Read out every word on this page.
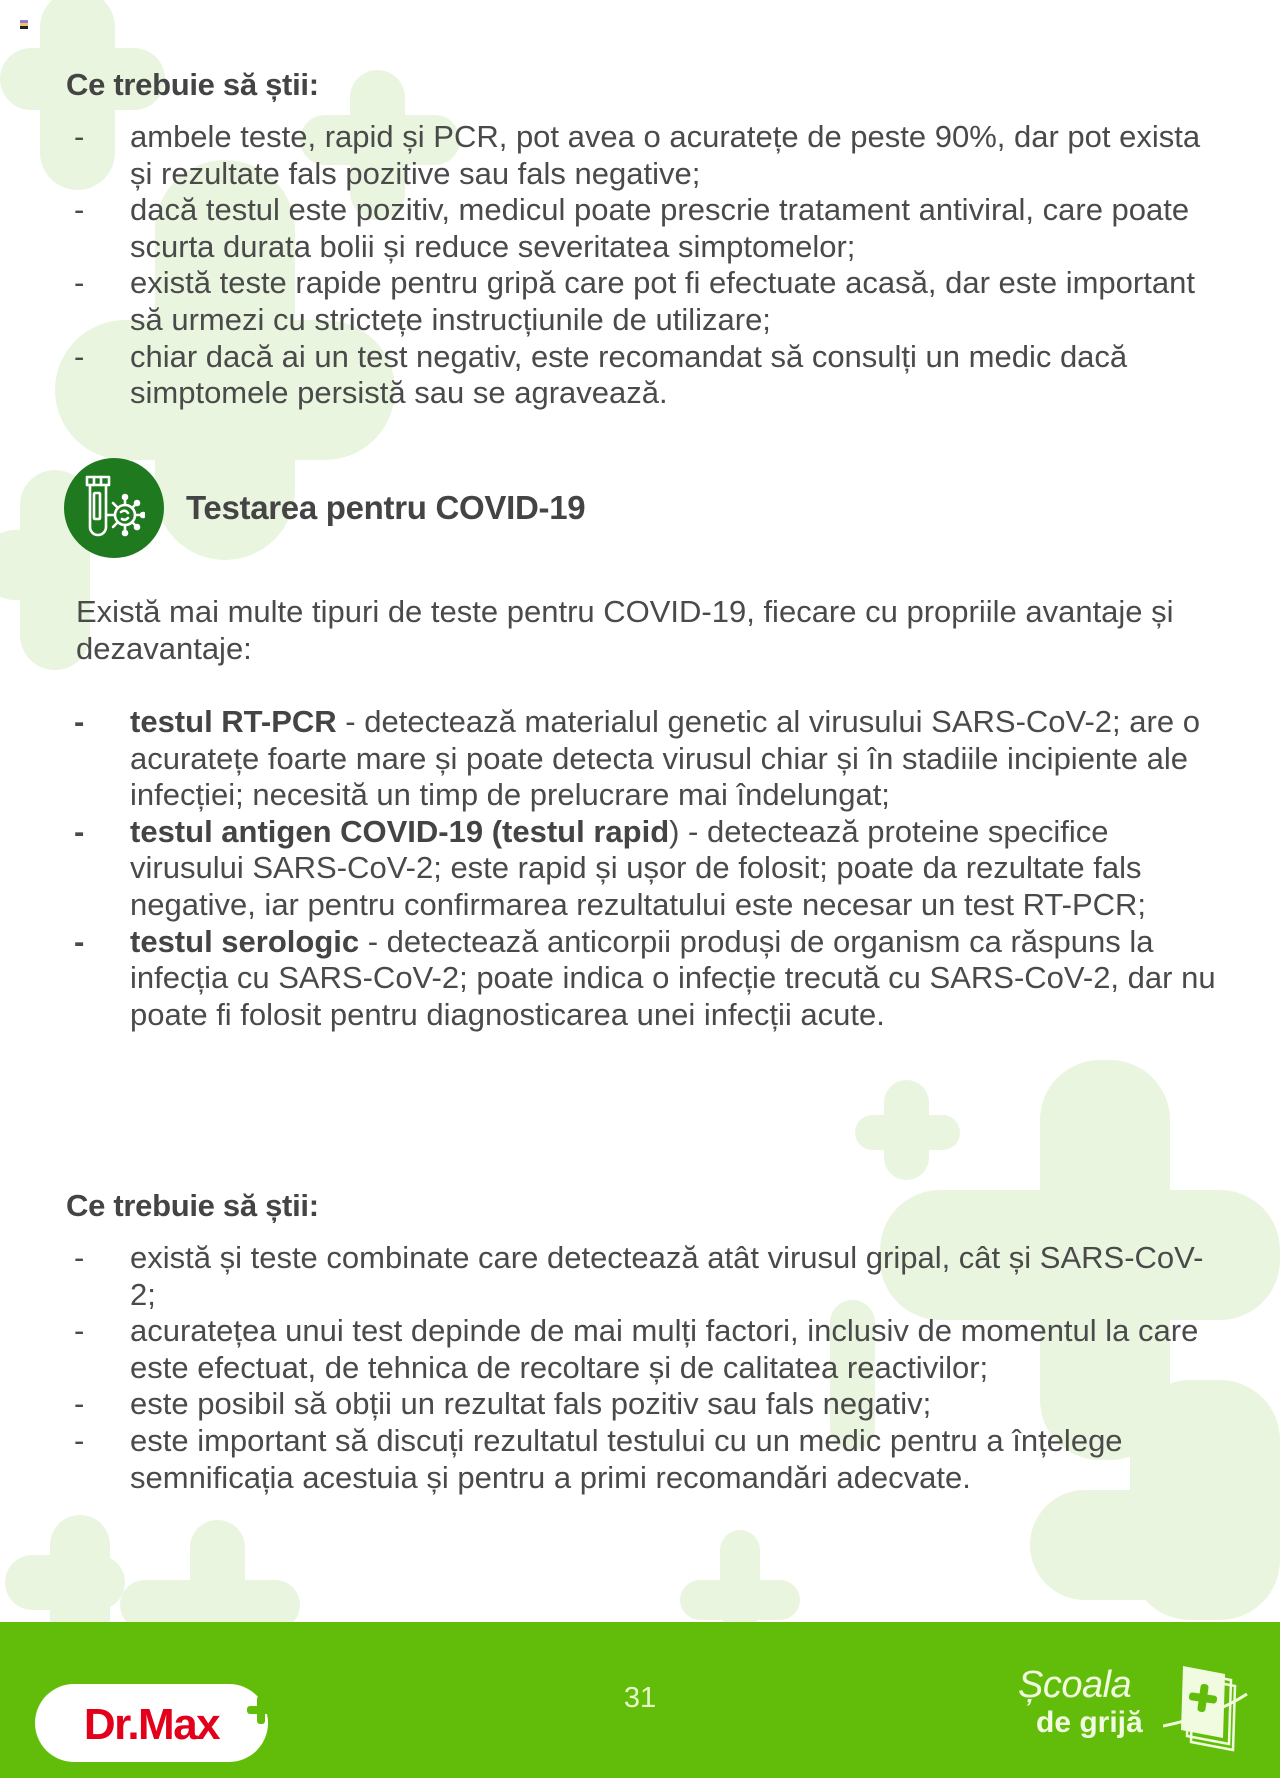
Ce trebuie să știi:
-	ambele teste, rapid și PCR, pot avea o acuratețe de peste 90%, dar pot exista și rezultate fals pozitive sau fals negative;
-	dacă testul este pozitiv, medicul poate prescrie tratament antiviral, care poate scurta durata bolii și reduce severitatea simptomelor;
-	există teste rapide pentru gripă care pot fi efectuate acasă, dar este important să urmezi cu strictețe instrucțiunile de utilizare;
-	chiar dacă ai un test negativ, este recomandat să consulți un medic dacă simptomele persistă sau se agravează.
Testarea pentru COVID-19

Există mai multe tipuri de teste pentru COVID-19, fiecare cu propriile avantaje și dezavantaje:

-	testul RT-PCR - detectează materialul genetic al virusului SARS-CoV-2; are o acuratețe foarte mare și poate detecta virusul chiar și în stadiile incipiente ale infecției; necesită un timp de prelucrare mai îndelungat;
-	testul antigen COVID-19 (testul rapid) - detectează proteine specifice virusului SARS-CoV-2; este rapid și ușor de folosit; poate da rezultate fals negative, iar pentru confirmarea rezultatului este necesar un test RT-PCR;
-	testul serologic - detectează anticorpii produși de organism ca răspuns la infecția cu SARS-CoV-2; poate indica o infecție trecută cu SARS-CoV-2, dar nu poate fi folosit pentru diagnosticarea unei infecții acute.
Ce trebuie să știi:
-	există și teste combinate care detectează atât virusul gripal, cât și SARS-CoV-2;
-	acuratețea unui test depinde de mai mulți factori, inclusiv de momentul la care este efectuat, de tehnica de recoltare și de calitatea reactivilor;
-	este posibil să obții un rezultat fals pozitiv sau fals negativ;
-	este important să discuți rezultatul testului cu un medic pentru a înțelege semnificația acestuia și pentru a primi recomandări adecvate.
Dr.Max
31	Școala
de grijă
